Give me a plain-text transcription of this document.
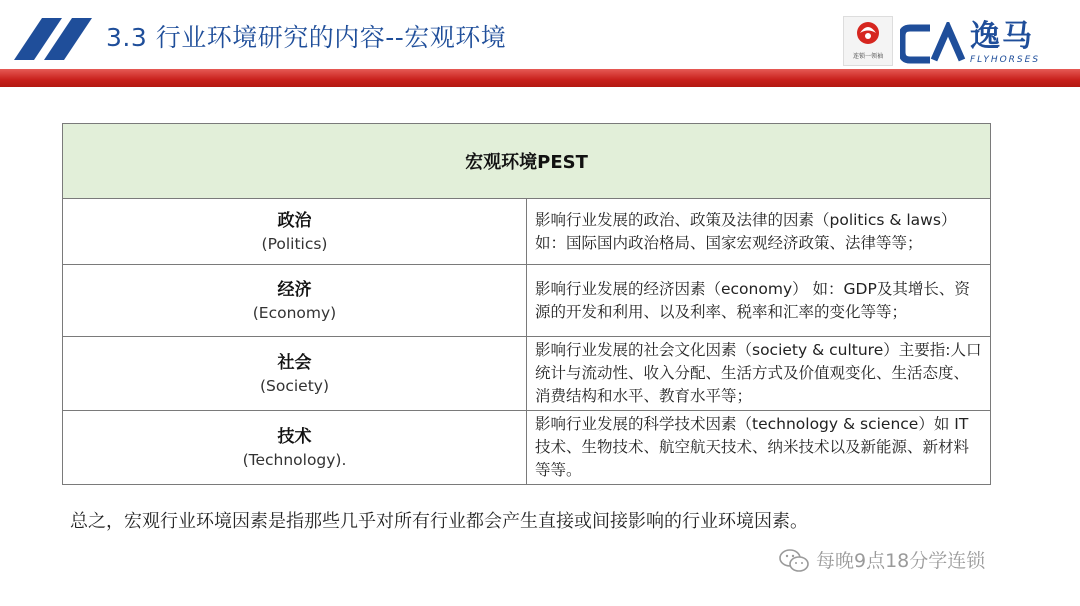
3.3 行业环境研究的内容--宏观环境
连锁一领袖
逸马
FLYHORSES
宏观环境PEST	

政治
(Politics)	影响行业发展的政治、政策及法律的因素（politics & laws）如：国际国内政治格局、国家宏观经济政策、法律等等；

经济
(Economy)	影响行业发展的经济因素（economy） 如：GDP及其增长、资源的开发和利用、以及利率、税率和汇率的变化等等；

社会
(Society)	影响行业发展的社会文化因素（society & culture）主要指:人口统计与流动性、收入分配、生活方式及价值观变化、生活态度、消费结构和水平、教育水平等；

技术
(Technology).	影响行业发展的科学技术因素（technology & science）如 IT技术、生物技术、航空航天技术、纳米技术以及新能源、新材料等等。
总之，宏观行业环境因素是指那些几乎对所有行业都会产生直接或间接影响的行业环境因素。
每晚9点18分学连锁
